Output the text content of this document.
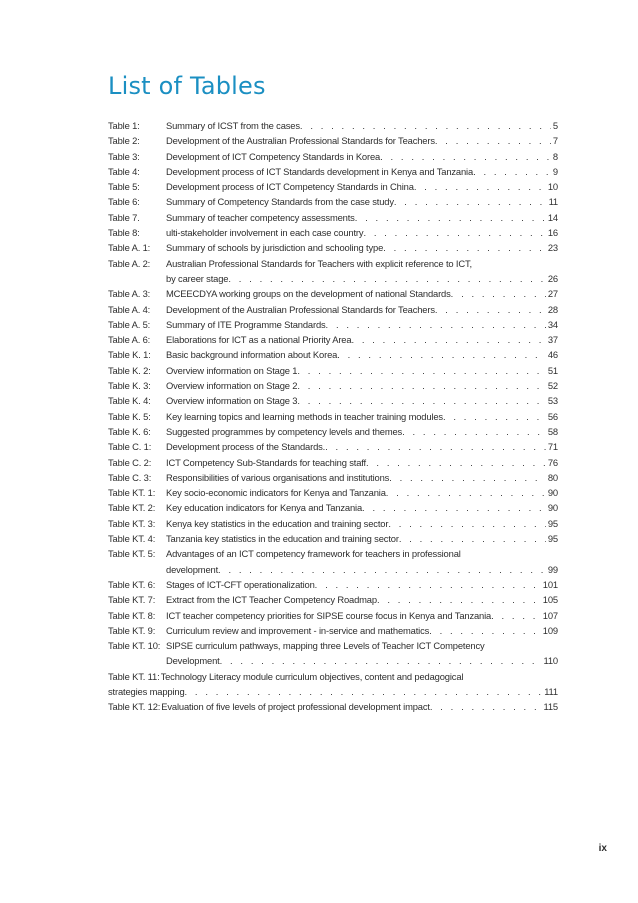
List of Tables
Table 1:	Summary of ICST from the cases . . .	5
Table 2:	Development of the Australian Professional Standards for Teachers . . .	7
Table 3:	Development of ICT Competency Standards in Korea . . .	8
Table 4:	Development process of ICT Standards development in Kenya and Tanzania . . .	9
Table 5:	Development process of ICT Competency Standards in China . . .	10
Table 6:	Summary of Competency Standards from the case study . . .	11
Table 7.	Summary of teacher competency assessments . . .	14
Table 8:	ulti-stakeholder involvement in each case country . . .	16
Table A. 1:	Summary of schools by jurisdiction and schooling type . . .	23
Table A. 2:	Australian Professional Standards for Teachers with explicit reference to ICT,
by career stage . . .	26
Table A. 3:	MCEECDYA working groups on the development of national Standards . . .	27
Table A. 4:	Development of the Australian Professional Standards for Teachers . . .	28
Table A. 5:	Summary of ITE Programme Standards . . .	34
Table A. 6:	Elaborations for ICT as a national Priority Area . . .	37
Table K. 1:	Basic background information about Korea . . .	46
Table K. 2:	Overview information on Stage 1 . . .	51
Table K. 3:	Overview information on Stage 2 . . .	52
Table K. 4:	Overview information on Stage 3 . . .	53
Table K. 5:	Key learning topics and learning methods in teacher training modules . . .	56
Table K. 6:	Suggested programmes by competency levels and themes . . .	58
Table C. 1:	Development process of the Standards. . . .	71
Table C. 2:	ICT Competency Sub-Standards for teaching staff . . .	76
Table C. 3:	Responsibilities of various organisations and institutions . . .	80
Table KT. 1:	Key socio-economic indicators for Kenya and Tanzania . . .	90
Table KT. 2:	Key education indicators for Kenya and Tanzania . . .	90
Table KT. 3:	Kenya key statistics in the education and training sector . . .	95
Table KT. 4:	Tanzania key statistics in the education and training sector . . .	95
Table KT. 5:	Advantages of an ICT competency framework for teachers in professional
development . . .	99
Table KT. 6:	Stages of ICT-CFT operationalization . . .	101
Table KT. 7:	Extract from the ICT Teacher Competency Roadmap . . .	105
Table KT. 8:	ICT teacher competency priorities for SIPSE course focus in Kenya and Tanzania . . .	107
Table KT. 9:	Curriculum review and improvement - in-service and mathematics . . .	109
Table KT. 10: SIPSE curriculum pathways, mapping three Levels of Teacher ICT Competency
Development . . .	110
Table KT. 11: Technology Literacy module curriculum objectives, content and pedagogical
strategies mapping . . .	111
Table KT. 12: Evaluation of five levels of project professional development impact . . .	115
ix
